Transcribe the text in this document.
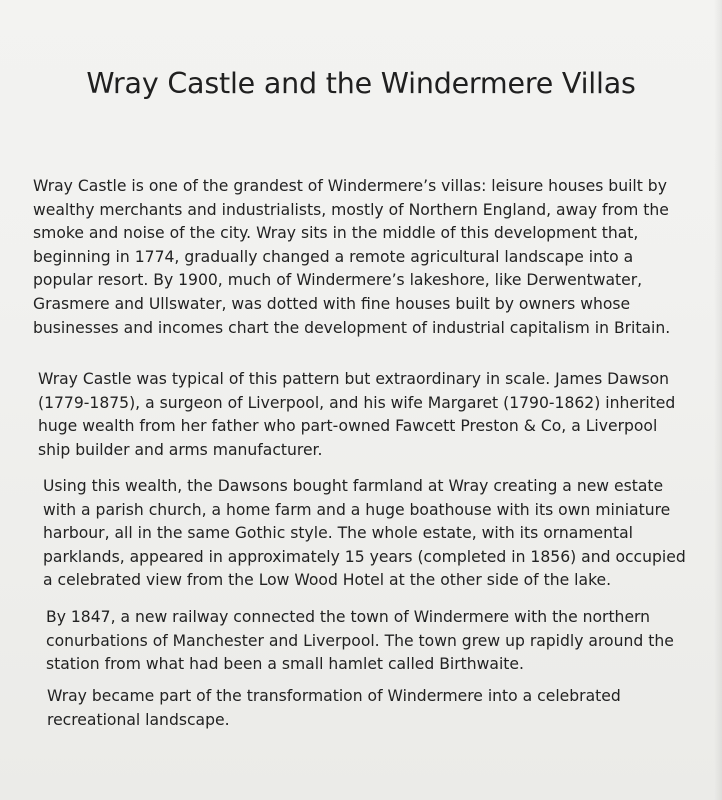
Wray Castle and the Windermere Villas

Wray Castle is one of the grandest of Windermere’s villas: leisure houses built by
wealthy merchants and industrialists, mostly of Northern England, away from the
smoke and noise of the city. Wray sits in the middle of this development that,
beginning in 1774, gradually changed a remote agricultural landscape into a
popular resort. By 1900, much of Windermere’s lakeshore, like Derwentwater,
Grasmere and Ullswater, was dotted with fine houses built by owners whose
businesses and incomes chart the development of industrial capitalism in Britain.

Wray Castle was typical of this pattern but extraordinary in scale. James Dawson
(1779-1875), a surgeon of Liverpool, and his wife Margaret (1790-1862) inherited
huge wealth from her father who part-owned Fawcett Preston & Co, a Liverpool
ship builder and arms manufacturer.

Using this wealth, the Dawsons bought farmland at Wray creating a new estate
with a parish church, a home farm and a huge boathouse with its own miniature
harbour, all in the same Gothic style. The whole estate, with its ornamental
parklands, appeared in approximately 15 years (completed in 1856) and occupied
a celebrated view from the Low Wood Hotel at the other side of the lake.

By 1847, a new railway connected the town of Windermere with the northern
conurbations of Manchester and Liverpool. The town grew up rapidly around the
station from what had been a small hamlet called Birthwaite.

Wray became part of the transformation of Windermere into a celebrated
recreational landscape.
